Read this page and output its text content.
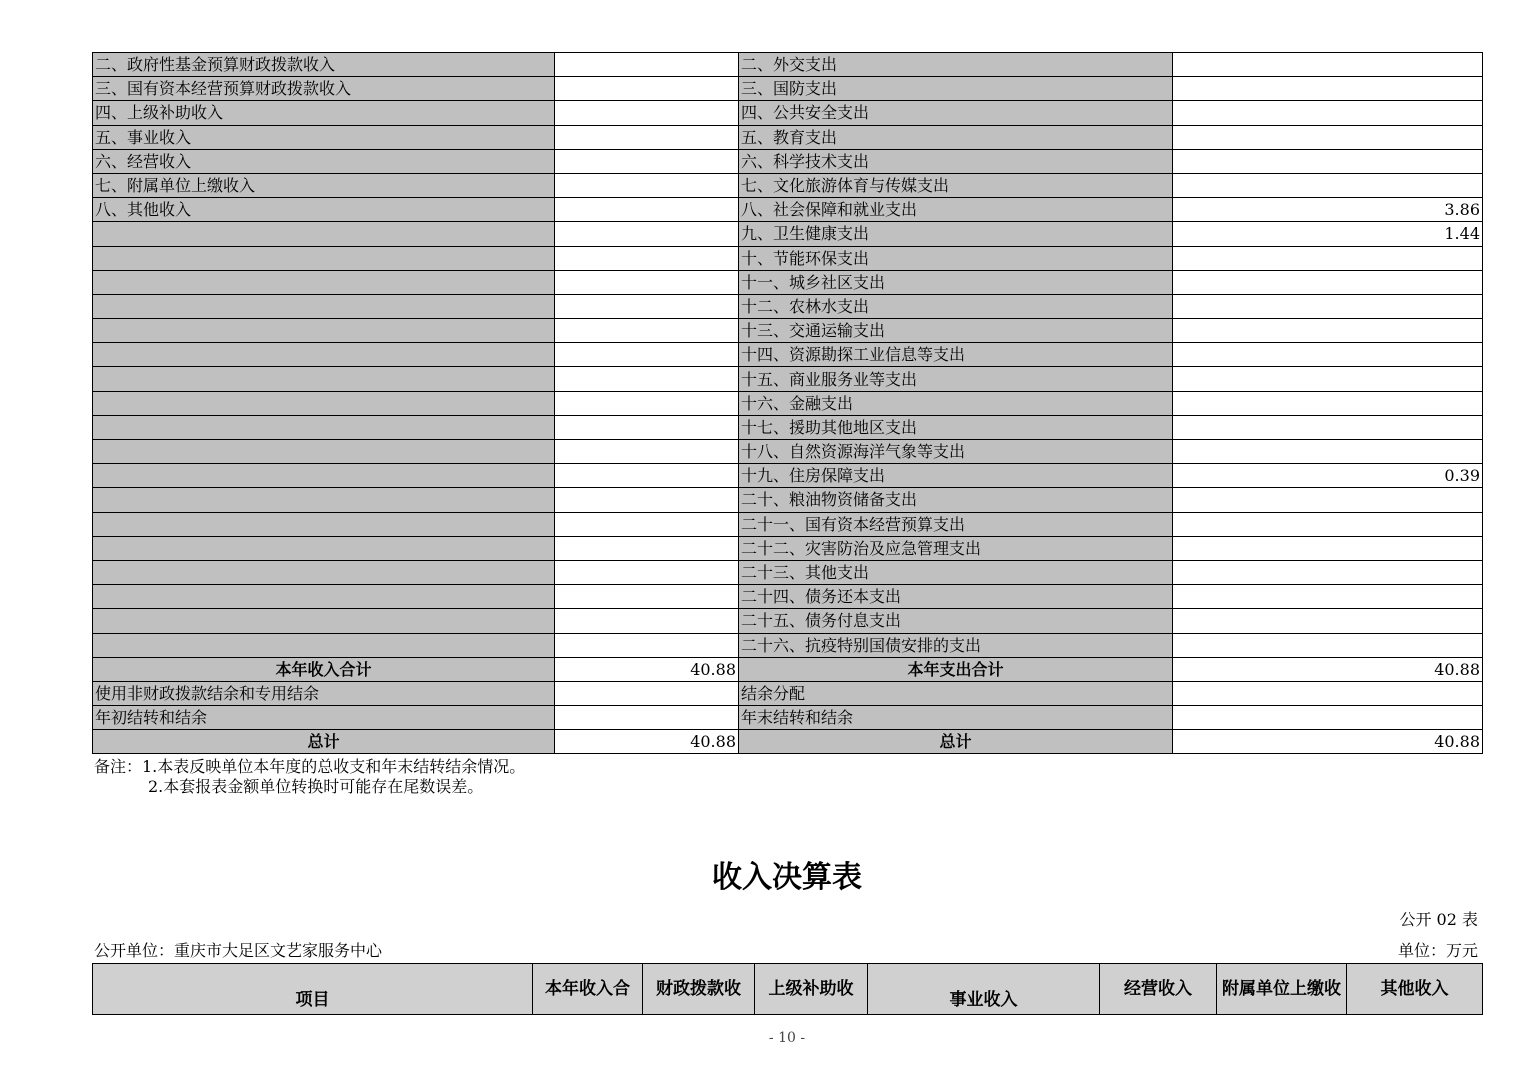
二、政府性基金预算财政拨款收入		二、外交支出	
三、国有资本经营预算财政拨款收入		三、国防支出	
四、上级补助收入		四、公共安全支出	
五、事业收入		五、教育支出	
六、经营收入		六、科学技术支出	
七、附属单位上缴收入		七、文化旅游体育与传媒支出	
八、其他收入		八、社会保障和就业支出	3.86
		九、卫生健康支出	1.44
		十、节能环保支出	
		十一、城乡社区支出	
		十二、农林水支出	
		十三、交通运输支出	
		十四、资源勘探工业信息等支出	
		十五、商业服务业等支出	
		十六、金融支出	
		十七、援助其他地区支出	
		十八、自然资源海洋气象等支出	
		十九、住房保障支出	0.39
		二十、粮油物资储备支出	
		二十一、国有资本经营预算支出	
		二十二、灾害防治及应急管理支出	
		二十三、其他支出	
		二十四、债务还本支出	
		二十五、债务付息支出	
		二十六、抗疫特别国债安排的支出	
本年收入合计	40.88	本年支出合计	40.88
使用非财政拨款结余和专用结余		结余分配	
年初结转和结余		年末结转和结余	
总计	40.88	总计	40.88
备注：1.本表反映单位本年度的总收支和年末结转结余情况。
2.本套报表金额单位转换时可能存在尾数误差。
收入决算表
公开 02 表
公开单位：重庆市大足区文艺家服务中心	单位：万元
项目	本年收入合	财政拨款收	上级补助收	事业收入	经营收入	附属单位上缴收	其他收入
- 10 -
